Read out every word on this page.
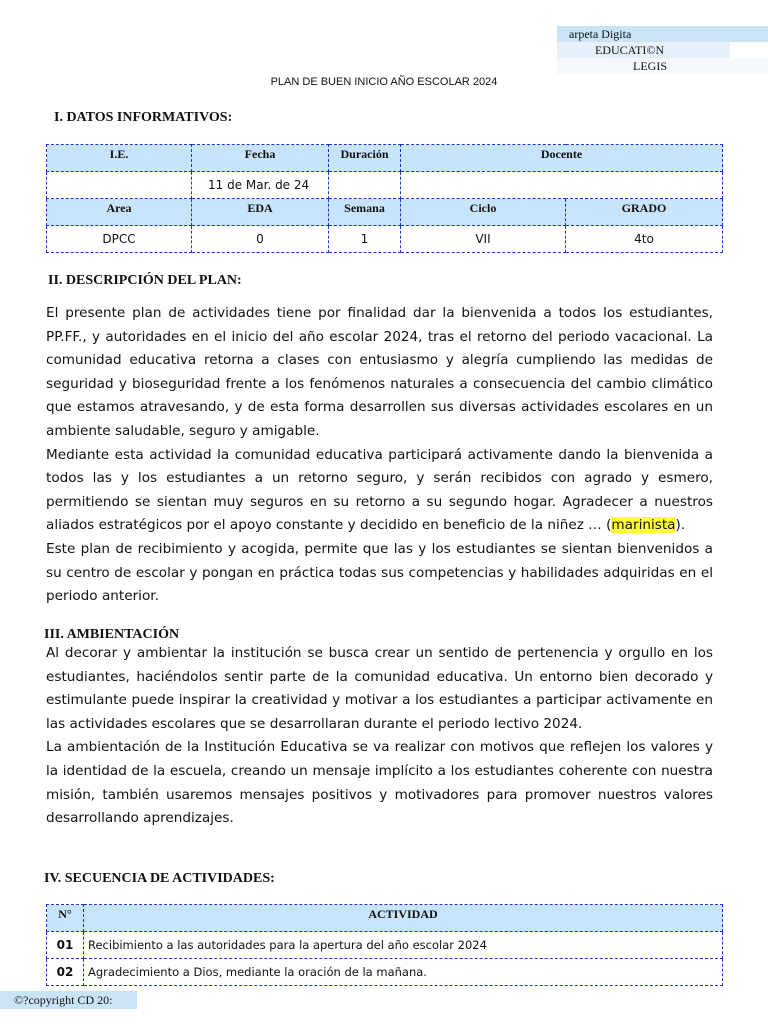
arpeta Digita
EDUCATI©N
LEGIS
PLAN DE BUEN INICIO AÑO ESCOLAR 2024
I. DATOS INFORMATIVOS:
I.E.	Fecha	Duración	Docente	
	11 de Mar. de 24			
Area	EDA	Semana	Ciclo	GRADO
DPCC	0	1	VII	4to
II. DESCRIPCIÓN DEL PLAN:

El presente plan de actividades tiene por finalidad dar la bienvenida a todos los estudiantes, PP.FF., y autoridades en el inicio del año escolar 2024, tras el retorno del periodo vacacional. La comunidad educativa retorna a clases con entusiasmo y alegría cumpliendo las medidas de seguridad y bioseguridad frente a los fenómenos naturales a consecuencia del cambio climático que estamos atravesando, y de esta forma desarrollen sus diversas actividades escolares en un ambiente saludable, seguro y amigable.

Mediante esta actividad la comunidad educativa participará activamente dando la bienvenida a todos las y los estudiantes a un retorno seguro, y serán recibidos con agrado y esmero, permitiendo se sientan muy seguros en su retorno a su segundo hogar. Agradecer a nuestros aliados estratégicos por el apoyo constante y decidido en beneficio de la niñez … (marinista).

Este plan de recibimiento y acogida, permite que las y los estudiantes se sientan bienvenidos a su centro de escolar y pongan en práctica todas sus competencias y habilidades adquiridas en el periodo anterior.

III. AMBIENTACIÓN

Al decorar y ambientar la institución se busca crear un sentido de pertenencia y orgullo en los estudiantes, haciéndolos sentir parte de la comunidad educativa. Un entorno bien decorado y estimulante puede inspirar la creatividad y motivar a los estudiantes a participar activamente en las actividades escolares que se desarrollaran durante el periodo lectivo 2024.

La ambientación de la Institución Educativa se va realizar con motivos que reflejen los valores y la identidad de la escuela, creando un mensaje implícito a los estudiantes coherente con nuestra misión, también usaremos mensajes positivos y motivadores para promover nuestros valores desarrollando aprendizajes.

IV. SECUENCIA DE ACTIVIDADES:
N°	ACTIVIDAD
01	Recibimiento a las autoridades para la apertura del año escolar 2024
02	Agradecimiento a Dios, mediante la oración de la mañana.
©?copyright CD 20:
